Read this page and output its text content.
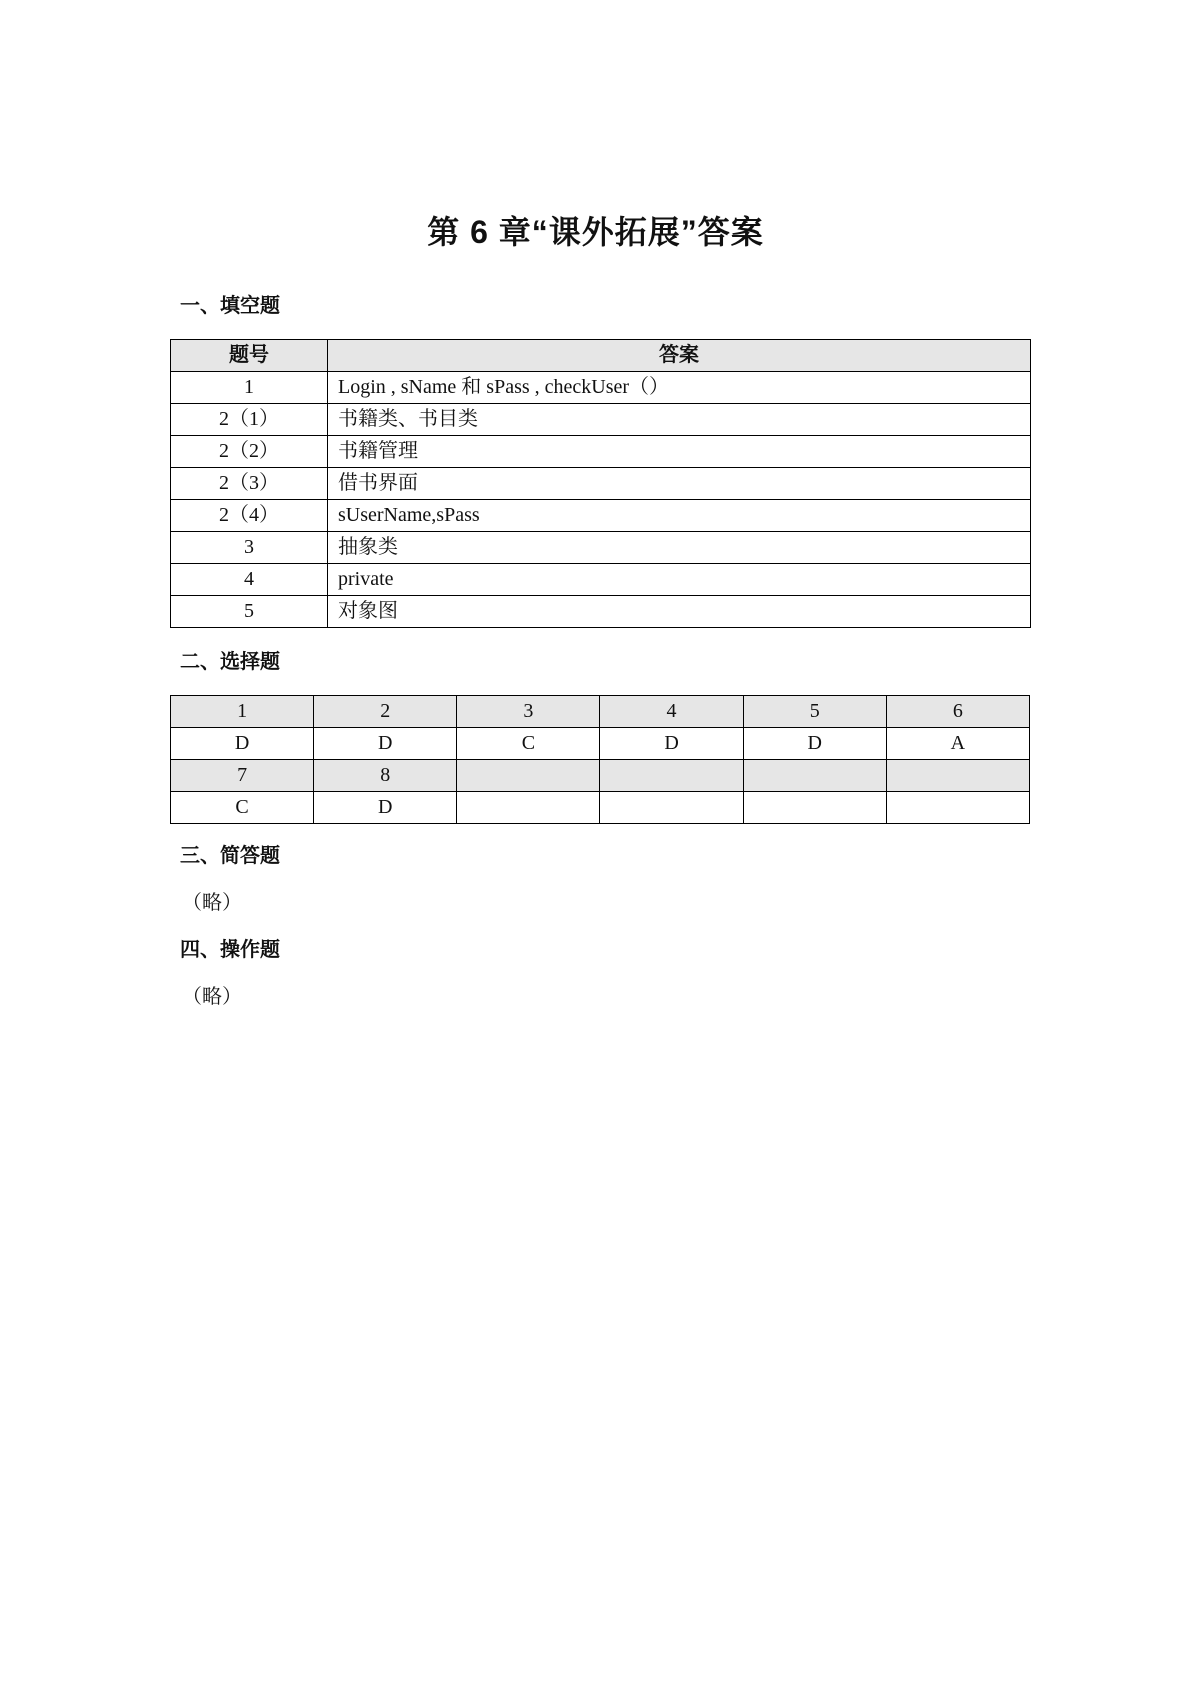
第 6 章“课外拓展”答案
一、填空题
题号	答案
1	Login , sName 和 sPass , checkUser（）
2（1）	书籍类、书目类
2（2）	书籍管理
2（3）	借书界面
2（4）	sUserName,sPass
3	抽象类
4	private
5	对象图
二、选择题
1	2	3	4	5	6
D	D	C	D	D	A
7	8				
C	D				
三、简答题
（略）
四、操作题
（略）
